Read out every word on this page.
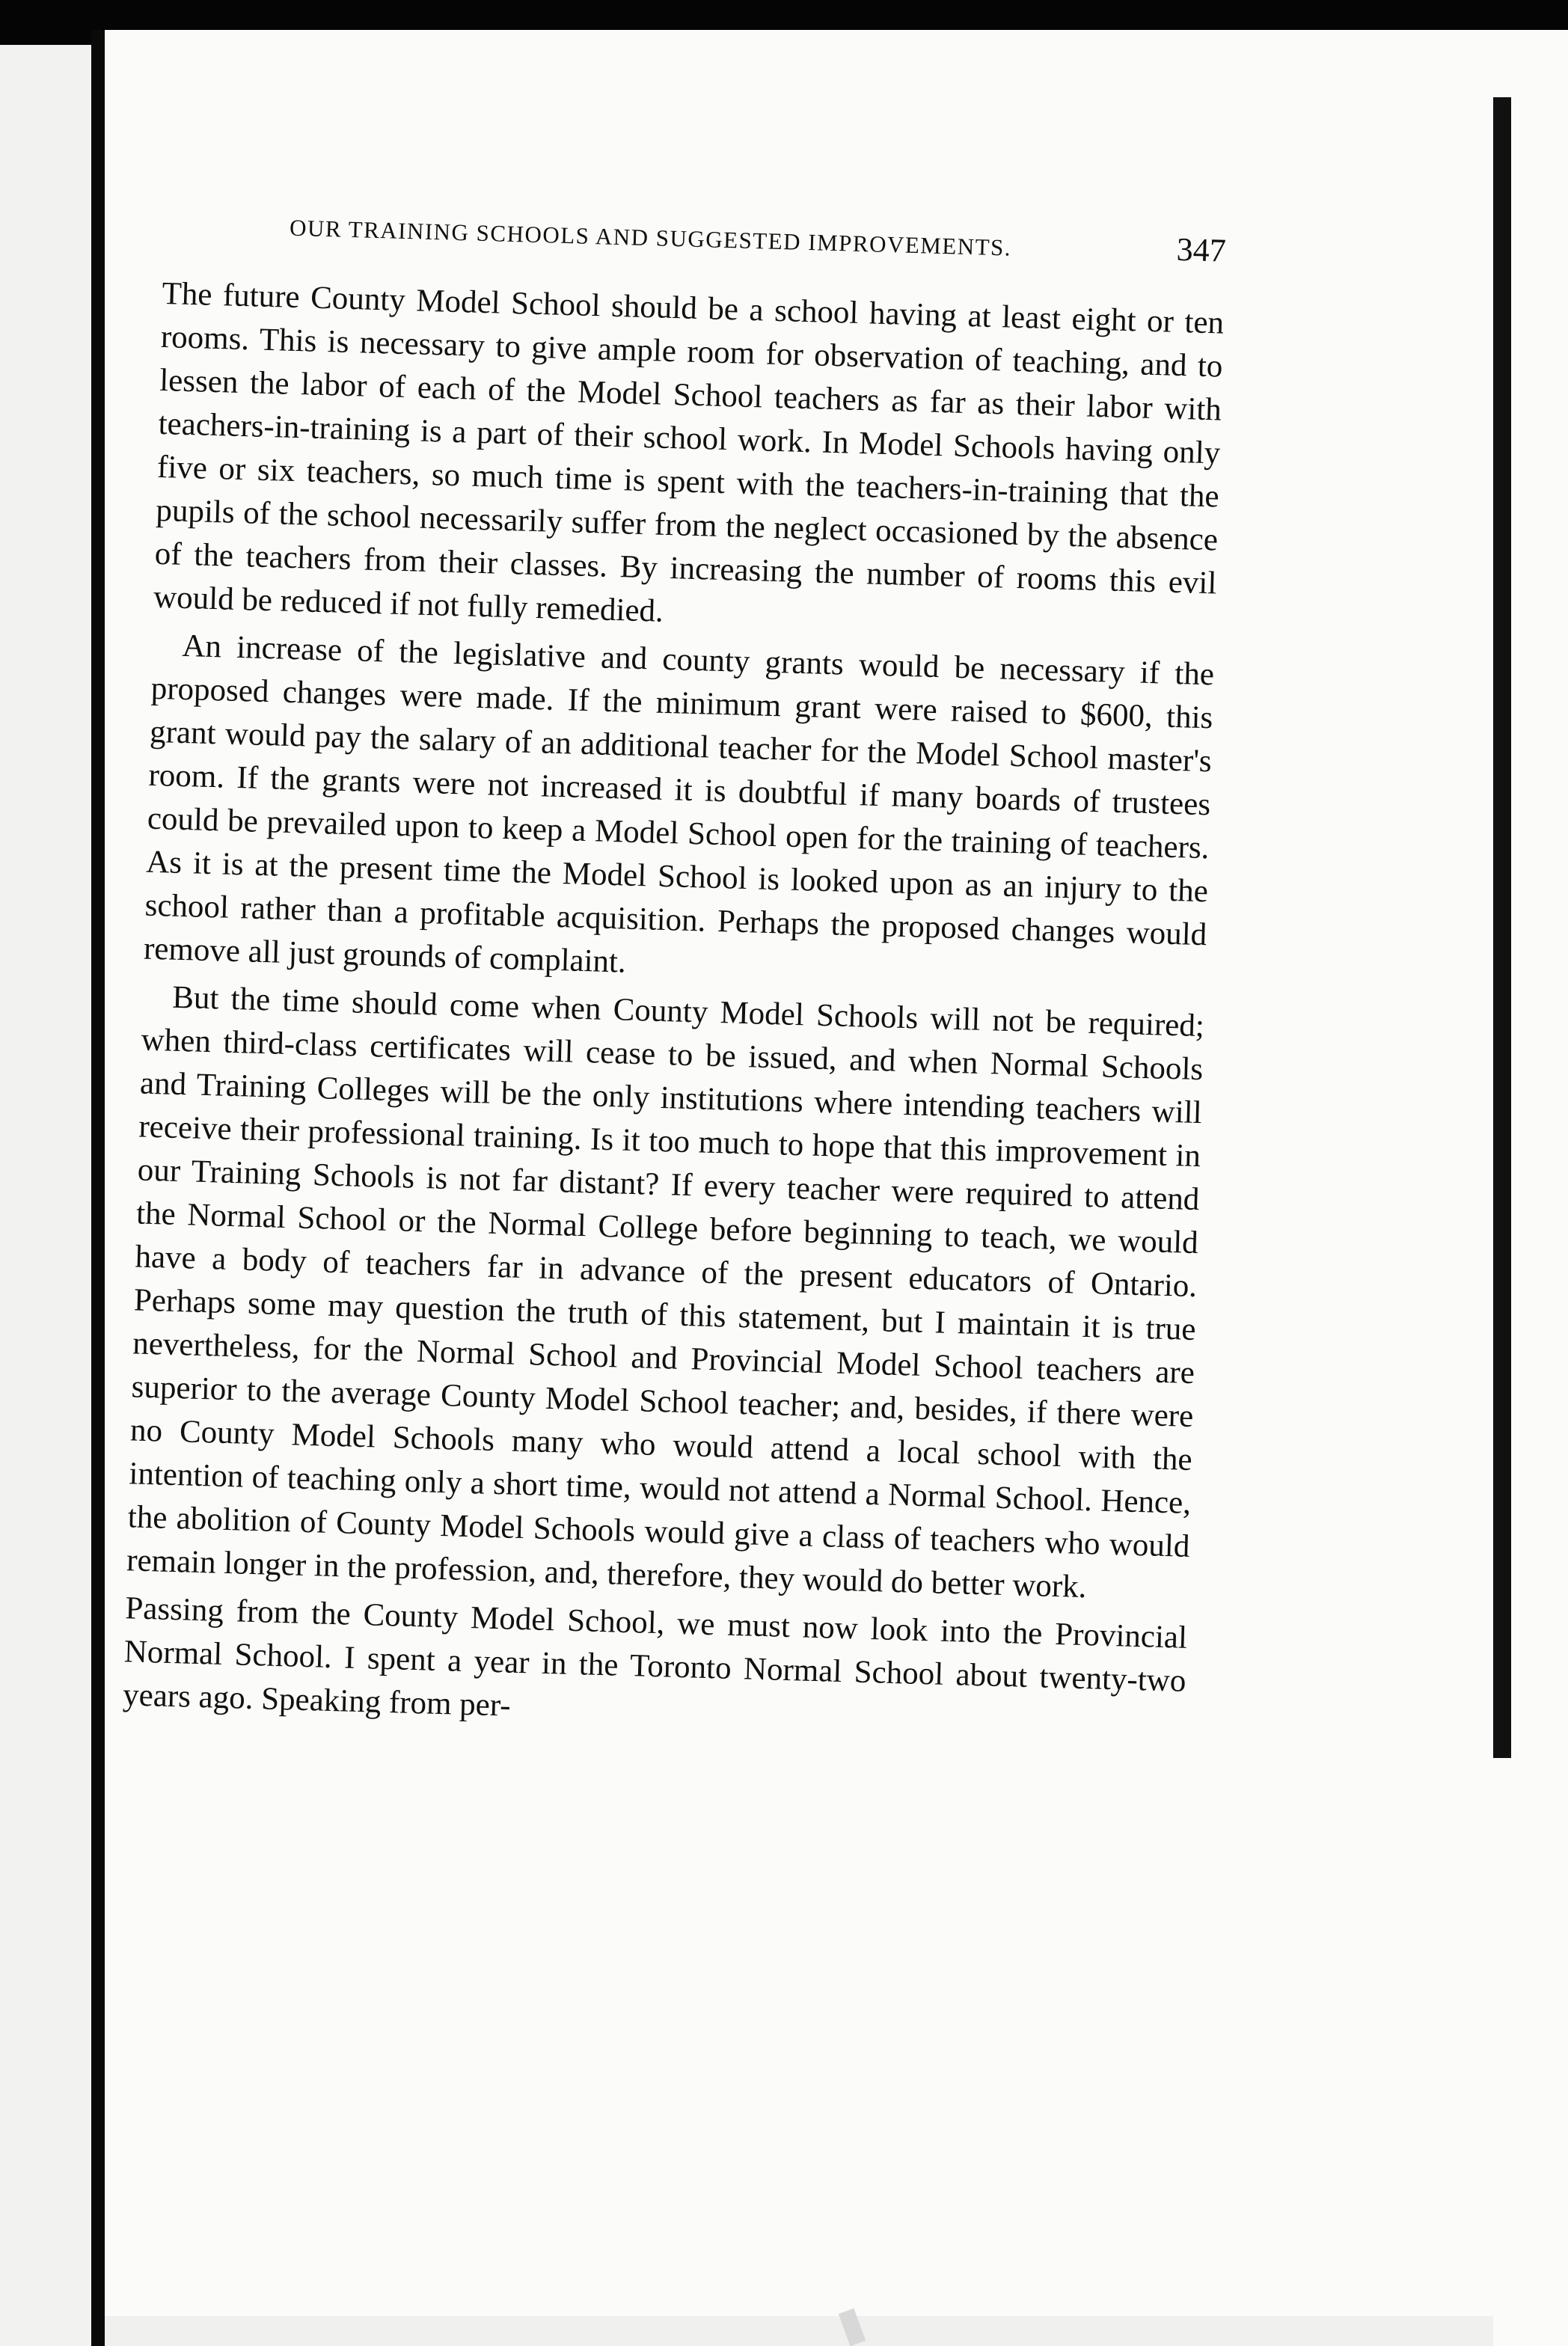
OUR TRAINING SCHOOLS AND SUGGESTED IMPROVEMENTS.	347

The future County Model School should be a school having at least eight or ten rooms. This is necessary to give ample room for observation of teaching, and to lessen the labor of each of the Model School teachers as far as their labor with teachers-in-training is a part of their school work. In Model Schools having only five or six teachers, so much time is spent with the teachers-in-training that the pupils of the school necessarily suffer from the neglect occasioned by the absence of the teachers from their classes. By increasing the number of rooms this evil would be reduced if not fully remedied.

An increase of the legislative and county grants would be necessary if the proposed changes were made. If the minimum grant were raised to $600, this grant would pay the salary of an additional teacher for the Model School master's room. If the grants were not increased it is doubtful if many boards of trustees could be prevailed upon to keep a Model School open for the training of teachers. As it is at the present time the Model School is looked upon as an injury to the school rather than a profitable acquisition. Perhaps the proposed changes would remove all just grounds of complaint.

But the time should come when County Model Schools will not be required; when third-class certificates will cease to be issued, and when Normal Schools and Training Colleges will be the only institutions where intending teachers will receive their professional training. Is it too much to hope that this improvement in our Training Schools is not far distant? If every teacher were required to attend the Normal School or the Normal College before beginning to teach, we would have a body of teachers far in advance of the present educators of Ontario. Perhaps some may question the truth of this statement, but I maintain it is true nevertheless, for the Normal School and Provincial Model School teachers are superior to the average County Model School teacher; and, besides, if there were no County Model Schools many who would attend a local school with the intention of teaching only a short time, would not attend a Normal School. Hence, the abolition of County Model Schools would give a class of teachers who would remain longer in the profession, and, therefore, they would do better work.

Passing from the County Model School, we must now look into the Provincial Normal School. I spent a year in the Toronto Normal School about twenty-two years ago. Speaking from per-
